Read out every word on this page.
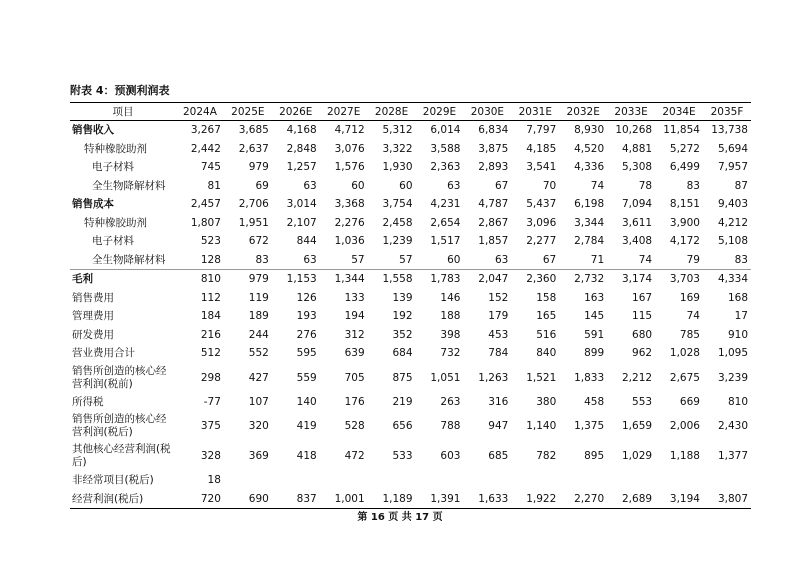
附表 4：预测利润表
项目	2024A	2025E	2026E	2027E	2028E	2029E	2030E	2031E	2032E	2033E	2034E	2035F
销售收入	3,267	3,685	4,168	4,712	5,312	6,014	6,834	7,797	8,930	10,268	11,854	13,738
特种橡胶助剂	2,442	2,637	2,848	3,076	3,322	3,588	3,875	4,185	4,520	4,881	5,272	5,694
电子材料	745	979	1,257	1,576	1,930	2,363	2,893	3,541	4,336	5,308	6,499	7,957
全生物降解材料	81	69	63	60	60	63	67	70	74	78	83	87
销售成本	2,457	2,706	3,014	3,368	3,754	4,231	4,787	5,437	6,198	7,094	8,151	9,403
特种橡胶助剂	1,807	1,951	2,107	2,276	2,458	2,654	2,867	3,096	3,344	3,611	3,900	4,212
电子材料	523	672	844	1,036	1,239	1,517	1,857	2,277	2,784	3,408	4,172	5,108
全生物降解材料	128	83	63	57	57	60	63	67	71	74	79	83
毛利	810	979	1,153	1,344	1,558	1,783	2,047	2,360	2,732	3,174	3,703	4,334
销售费用	112	119	126	133	139	146	152	158	163	167	169	168
管理费用	184	189	193	194	192	188	179	165	145	115	74	17
研发费用	216	244	276	312	352	398	453	516	591	680	785	910
营业费用合计	512	552	595	639	684	732	784	840	899	962	1,028	1,095
销售所创造的核心经营利润(税前)	298	427	559	705	875	1,051	1,263	1,521	1,833	2,212	2,675	3,239
所得税	-77	107	140	176	219	263	316	380	458	553	669	810
销售所创造的核心经营利润(税后)	375	320	419	528	656	788	947	1,140	1,375	1,659	2,006	2,430
其他核心经营利润(税后)	328	369	418	472	533	603	685	782	895	1,029	1,188	1,377
非经常项目(税后)	18											
经营利润(税后)	720	690	837	1,001	1,189	1,391	1,633	1,922	2,270	2,689	3,194	3,807
第 16 页 共 17 页
